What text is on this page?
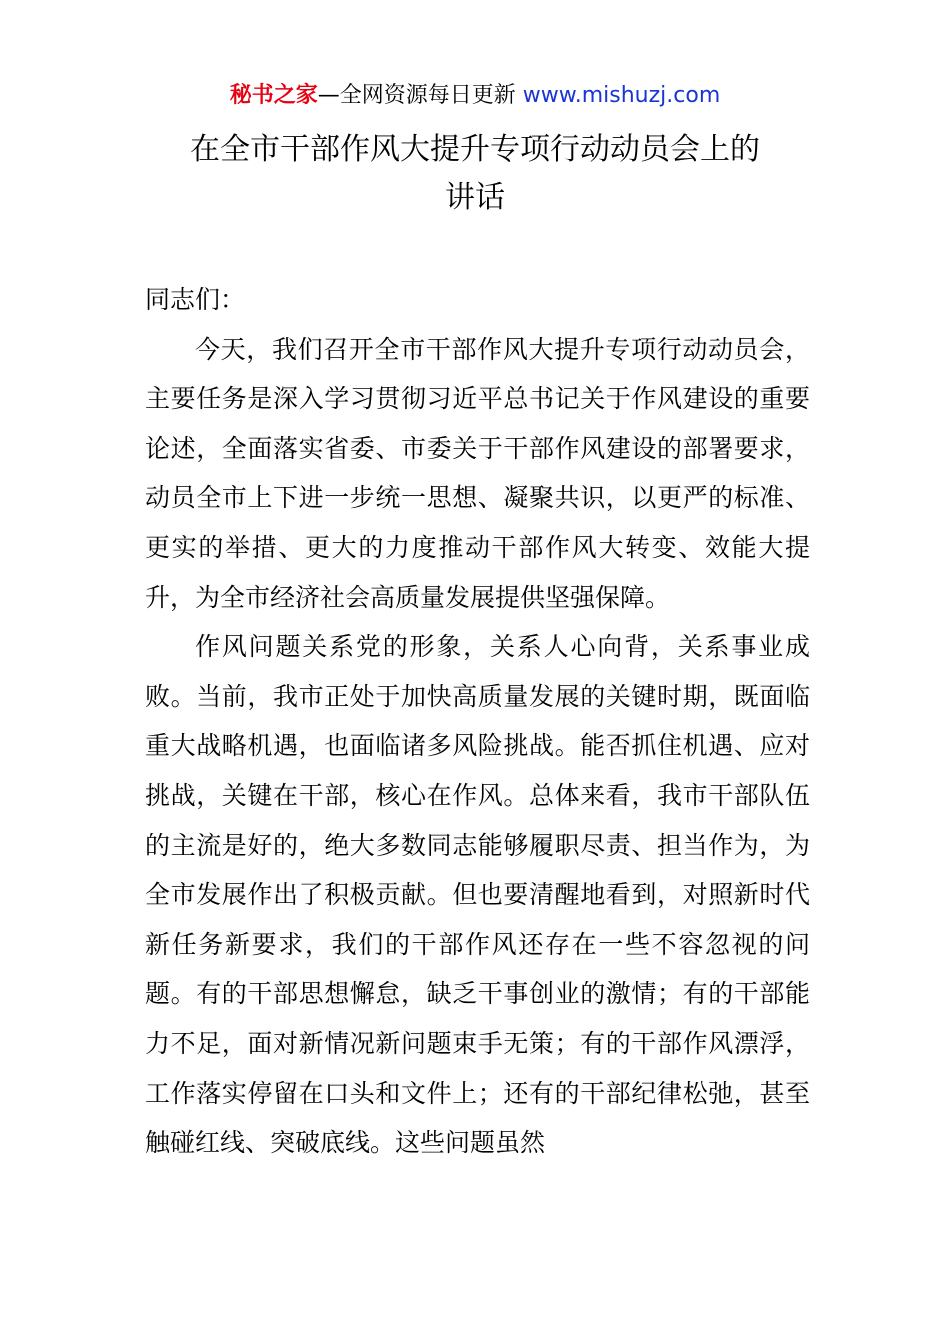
秘书之家—全网资源每日更新 www.mishuzj.com
在全市干部作风大提升专项行动动员会上的
讲话

同志们：

今天，我们召开全市干部作风大提升专项行动动员会，主要任务是深入学习贯彻习近平总书记关于作风建设的重要论述，全面落实省委、市委关于干部作风建设的部署要求，动员全市上下进一步统一思想、凝聚共识，以更严的标准、更实的举措、更大的力度推动干部作风大转变、效能大提升，为全市经济社会高质量发展提供坚强保障。

作风问题关系党的形象，关系人心向背，关系事业成败。当前，我市正处于加快高质量发展的关键时期，既面临重大战略机遇，也面临诸多风险挑战。能否抓住机遇、应对挑战，关键在干部，核心在作风。总体来看，我市干部队伍的主流是好的，绝大多数同志能够履职尽责、担当作为，为全市发展作出了积极贡献。但也要清醒地看到，对照新时代新任务新要求，我们的干部作风还存在一些不容忽视的问题。有的干部思想懈怠，缺乏干事创业的激情；有的干部能力不足，面对新情况新问题束手无策；有的干部作风漂浮，工作落实停留在口头和文件上；还有的干部纪律松弛，甚至触碰红线、突破底线。这些问题虽然
